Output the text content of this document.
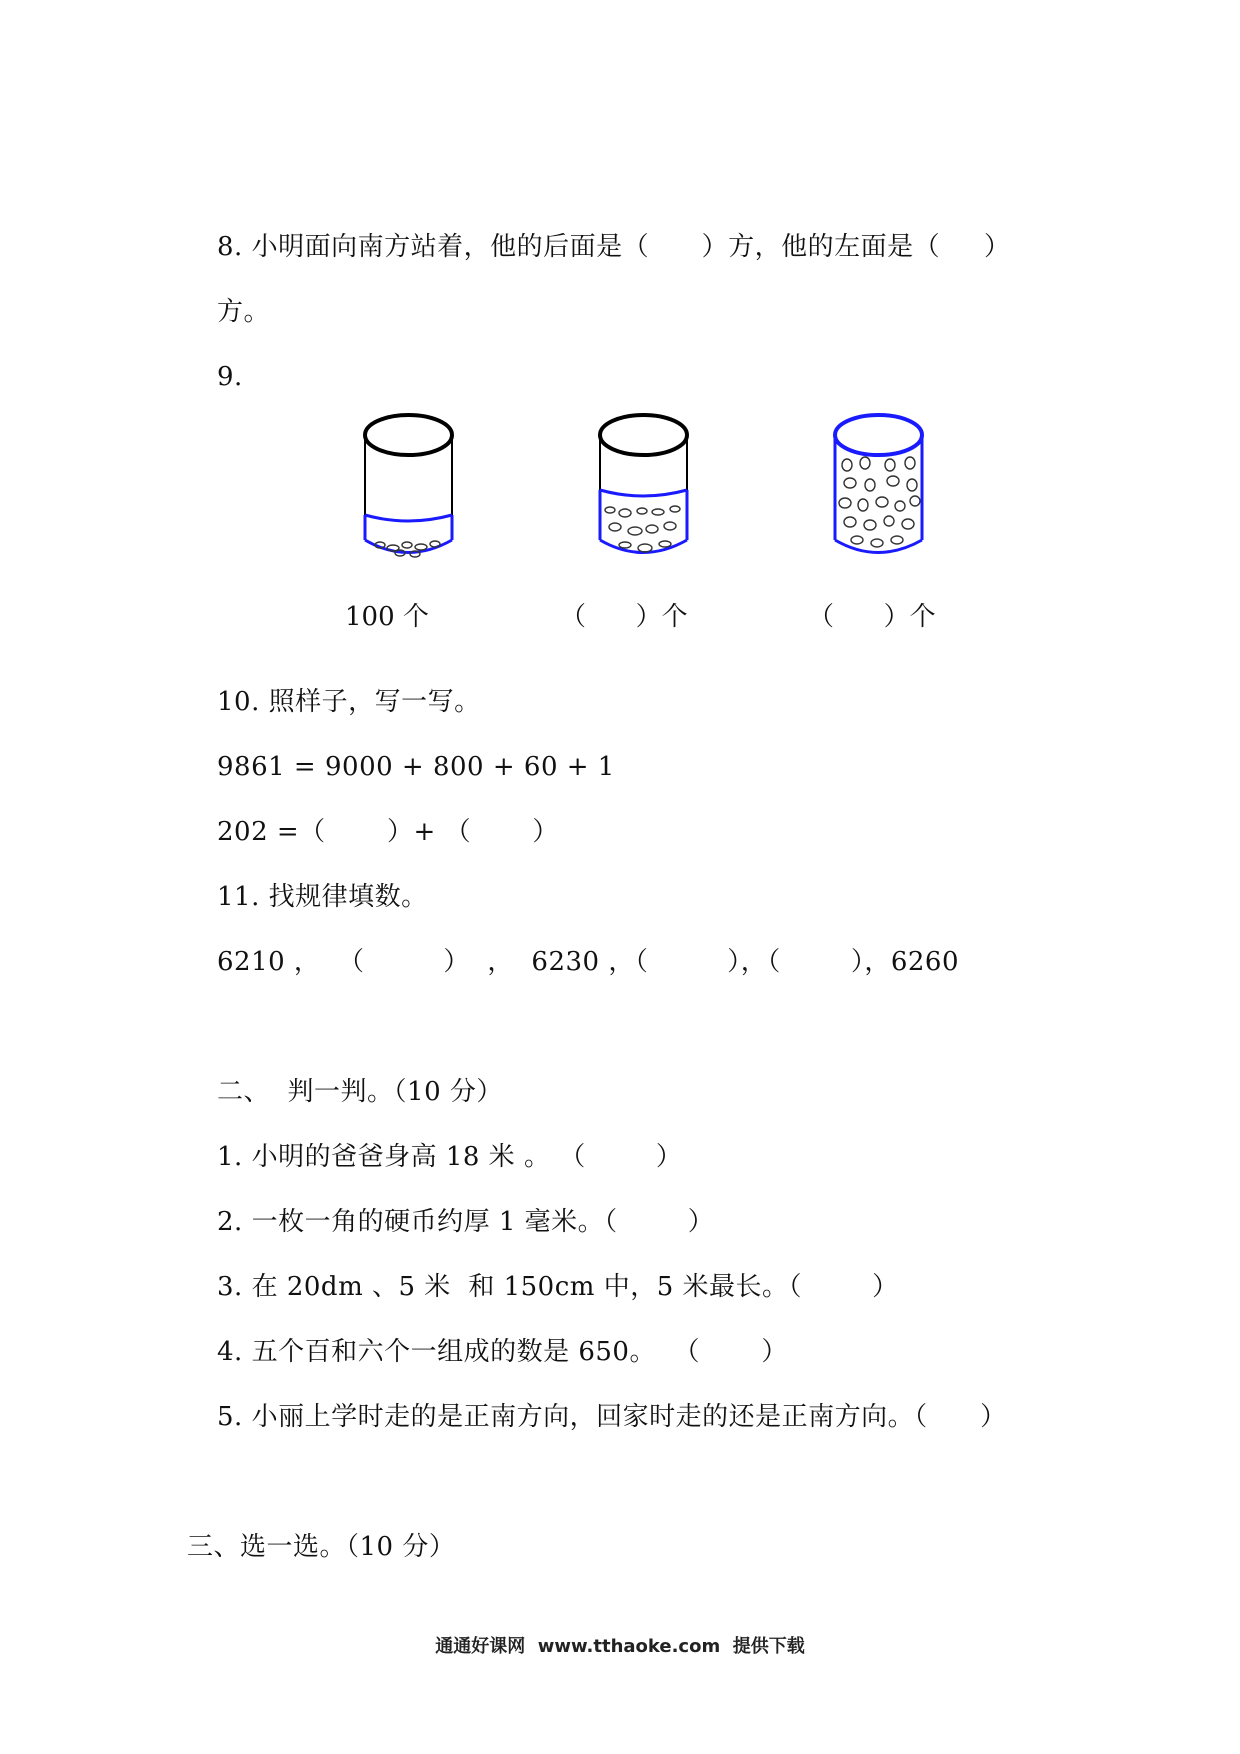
8. 小明面向南方站着，他的后面是（      ）方，他的左面是（     ）
方。
9.
100 个	（      ）个	（      ）个
10. 照样子，写一写。
9861 = 9000 + 800 + 60 + 1
202 =（       ）+ （       ）
11. 找规律填数。
6210 ，  （         ）  ，  6230 ，（         ），（        ），6260
二、  判一判。（10 分）
1. 小明的爸爸身高 18 米 。 （        ）
2. 一枚一角的硬币约厚 1 毫米。（        ）
3. 在 20dm 、5 米  和 150cm 中，5 米最长。（        ）
4. 五个百和六个一组成的数是 650。  （       ）
5. 小丽上学时走的是正南方向，回家时走的还是正南方向。（      ）
三、选一选。（10 分）
通通好课网  www.tthaoke.com  提供下载
